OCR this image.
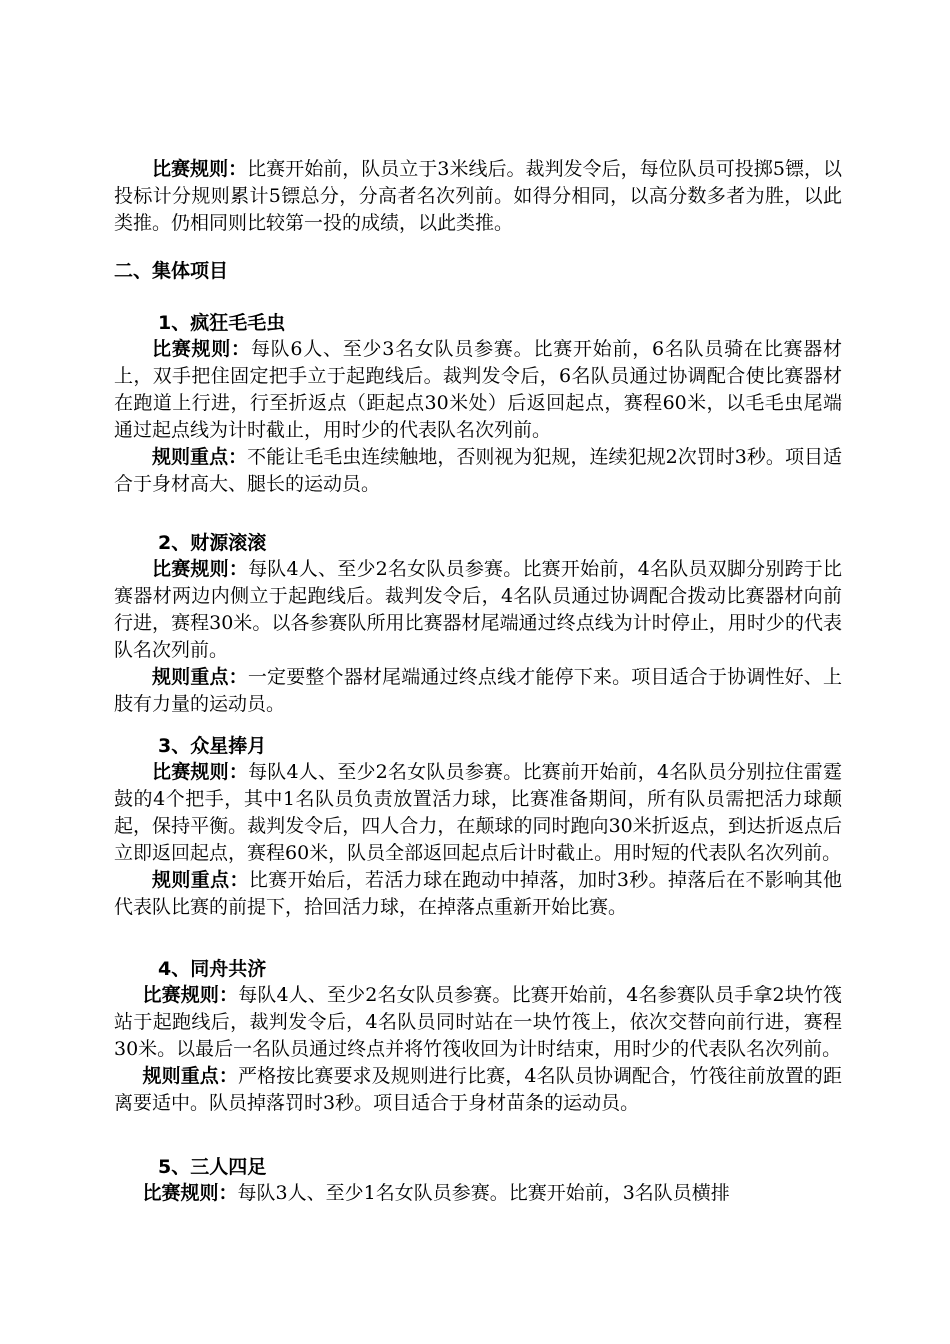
比赛规则：比赛开始前，队员立于3米线后。裁判发令后，每位队员可投掷5镖，以投标计分规则累计5镖总分，分高者名次列前。如得分相同，以高分数多者为胜，以此类推。仍相同则比较第一投的成绩，以此类推。

二、集体项目
1、疯狂毛毛虫

比赛规则：每队6人、至少3名女队员参赛。比赛开始前，6名队员骑在比赛器材上，双手把住固定把手立于起跑线后。裁判发令后，6名队员通过协调配合使比赛器材在跑道上行进，行至折返点（距起点30米处）后返回起点，赛程60米，以毛毛虫尾端通过起点线为计时截止，用时少的代表队名次列前。

规则重点：不能让毛毛虫连续触地，否则视为犯规，连续犯规2次罚时3秒。项目适合于身材高大、腿长的运动员。

2、财源滚滚

比赛规则：每队4人、至少2名女队员参赛。比赛开始前，4名队员双脚分别跨于比赛器材两边内侧立于起跑线后。裁判发令后，4名队员通过协调配合拨动比赛器材向前行进，赛程30米。以各参赛队所用比赛器材尾端通过终点线为计时停止，用时少的代表队名次列前。

规则重点：一定要整个器材尾端通过终点线才能停下来。项目适合于协调性好、上肢有力量的运动员。

3、众星捧月

比赛规则：每队4人、至少2名女队员参赛。比赛前开始前，4名队员分别拉住雷霆鼓的4个把手，其中1名队员负责放置活力球，比赛准备期间，所有队员需把活力球颠起，保持平衡。裁判发令后，四人合力，在颠球的同时跑向30米折返点，到达折返点后立即返回起点，赛程60米，队员全部返回起点后计时截止。用时短的代表队名次列前。

规则重点：比赛开始后，若活力球在跑动中掉落，加时3秒。掉落后在不影响其他代表队比赛的前提下，拾回活力球，在掉落点重新开始比赛。

4、同舟共济

比赛规则：每队4人、至少2名女队员参赛。比赛开始前，4名参赛队员手拿2块竹筏站于起跑线后，裁判发令后，4名队员同时站在一块竹筏上，依次交替向前行进，赛程30米。以最后一名队员通过终点并将竹筏收回为计时结束，用时少的代表队名次列前。

规则重点：严格按比赛要求及规则进行比赛，4名队员协调配合，竹筏往前放置的距离要适中。队员掉落罚时3秒。项目适合于身材苗条的运动员。

5、三人四足

比赛规则：每队3人、至少1名女队员参赛。比赛开始前，3名队员横排
